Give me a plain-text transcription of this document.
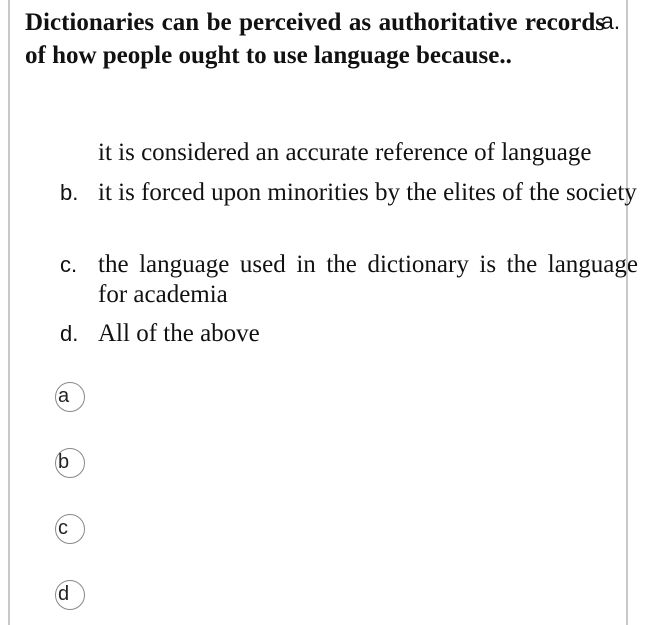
Dictionaries can be perceived as authoritative records of how people ought to use language because..
a.
it is considered an accurate reference of language
b. it is forced upon minorities by the elites of the society
c. the language used in the dictionary is the language for academia
d. All of the above
a
b
c
d
